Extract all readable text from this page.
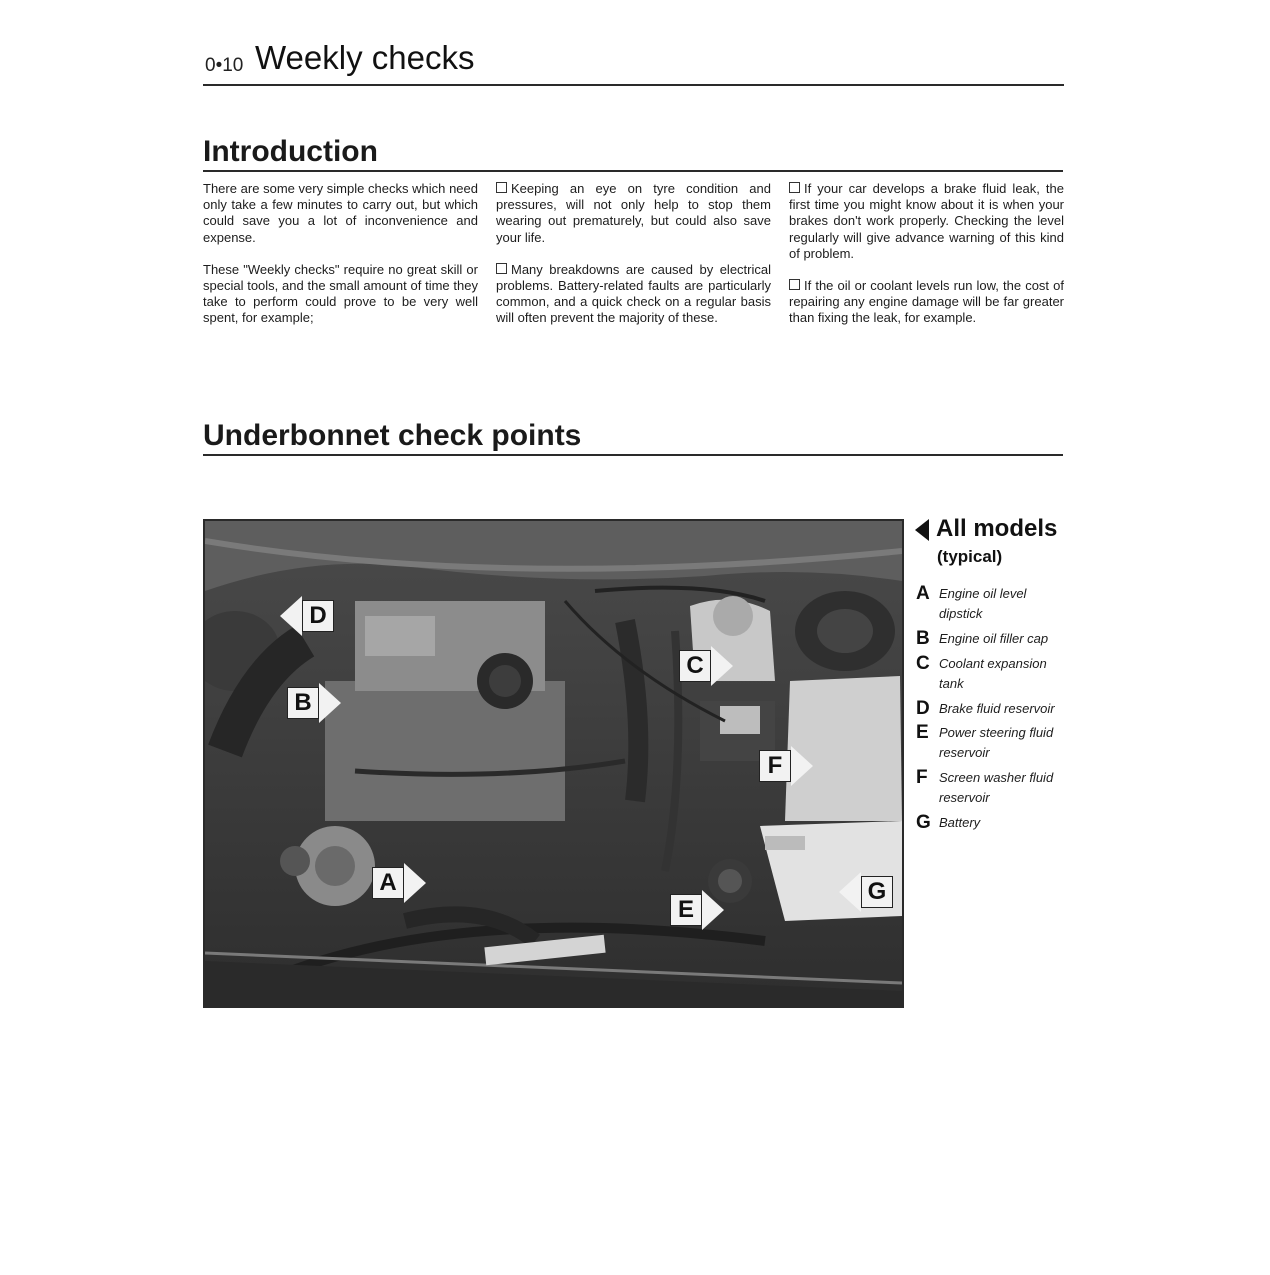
0•10 Weekly checks
Introduction

There are some very simple checks which need only take a few minutes to carry out, but which could save you a lot of inconvenience and expense.

These "Weekly checks" require no great skill or special tools, and the small amount of time they take to perform could prove to be very well spent, for example;

Keeping an eye on tyre condition and pressures, will not only help to stop them wearing out prematurely, but could also save your life.

Many breakdowns are caused by electrical problems. Battery-related faults are particularly common, and a quick check on a regular basis will often prevent the majority of these.

If your car develops a brake fluid leak, the first time you might know about it is when your brakes don't work properly. Checking the level regularly will give advance warning of this kind of problem.

If the oil or coolant levels run low, the cost of repairing any engine damage will be far greater than fixing the leak, for example.

Underbonnet check points
D
B
C
F
A
E
G
All models
(typical)
A Engine oil level dipstick
B Engine oil filler cap
C Coolant expansion tank
D Brake fluid reservoir
E Power steering fluid reservoir
F Screen washer fluid reservoir
G Battery
